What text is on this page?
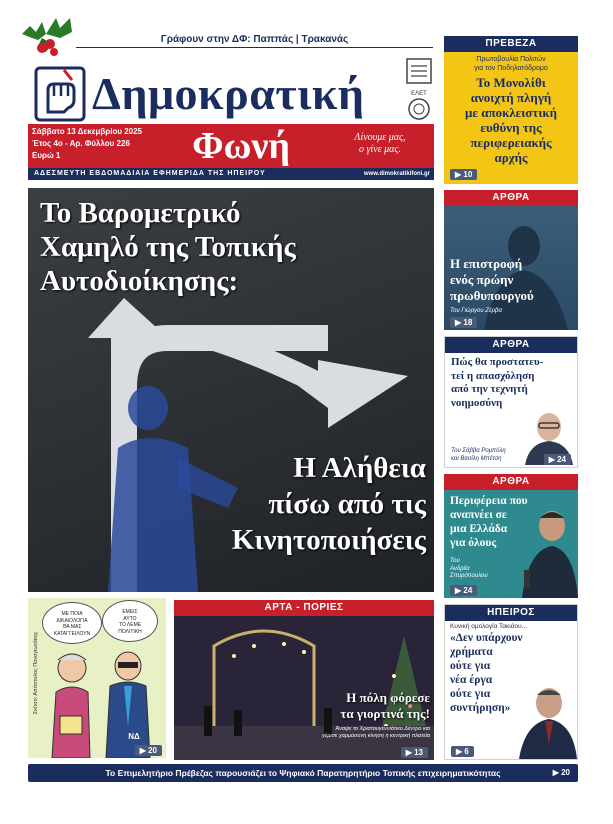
Γράφουν στην ΔΦ: Παππάς | Τρακανάς
Δημοκρατική	ΕΛΕΤ
Σάββατο 13 Δεκεμβρίου 2025
Έτος 4ο - Αρ. Φύλλου 226
Ευρώ 1	Φωνή	Λίνουμε μας,
ο γίνε μας.
ΑΔΕΣΜΕΥΤΗ ΕΒΔΟΜΑΔΙΑΙΑ ΕΦΗΜΕΡΙΔΑ ΤΗΣ ΗΠΕΙΡΟΥ	www.dimokratikifoni.gr
Το Βαρομετρικό
Χαμηλό της Τοπικής
Αυτοδιοίκησης:
Η Αλήθεια
πίσω από τις
Κινητοποιήσεις
ΠΡΕΒΕΖΑ
Πρωτοβουλία Πολιτών
για τον Ποδηλατόδρομο
Το Μονολίθι
ανοιχτή πληγή
με αποκλειστική
ευθύνη της
περιφερειακής
αρχής
▶ 10
ΑΡΘΡΑ
Η επιστροφή
ενός πρώην
πρωθυπουργού
Του Γιώργου Ζέρβα
▶ 18
ΑΡΘΡΑ
Πώς θα προστατευ-
τεί η απασχόληση
από την τεχνητή
νοημοσύνη
Του Σάββα Ρομπόλη
και Βασίλη Μπέτση	▶ 24
ΑΡΘΡΑ
Περιφέρεια που
αναπνέει σε
μια Ελλάδα
για όλους
Του
Ανδρέα
Σπυρόπουλου
▶ 24
Σκίτσο: Απόστολος Παναγιωτάκης
ΜΕ ΠΟΙΑ
ΔΙΚΑΙΟΛΟΓΙΑ
ΘΑ ΜΑΣ
ΚΑΤΑΓΓΕΙΛΟΥΝ
ΕΜΕΙΣ
ΑΥΤΟ
ΤΟ ΛΕΜΕ
ΠΟΛΙΤΙΚΗ
ΝΔ
▶ 20
ΑΡΤΑ - ΠΟΡΙΕΣ
Η πόλη φόρεσε
τα γιορτινά της!
Άναψε το Χριστουγεννιάτικο Δέντρο και
γέμισε χαρμόσυνη κίνηση η κεντρική πλατεία
▶ 13
ΗΠΕΙΡΟΣ
Κυνική ομολογία Τακιάου...
«Δεν υπάρχουν
χρήματα
ούτε για
νέα έργα
ούτε για
συντήρηση»
▶ 6
Το Επιμελητήριο Πρέβεζας παρουσιάζει το Ψηφιακό Παρατηρητήριο Τοπικής επιχειρηματικότητας	▶ 20
